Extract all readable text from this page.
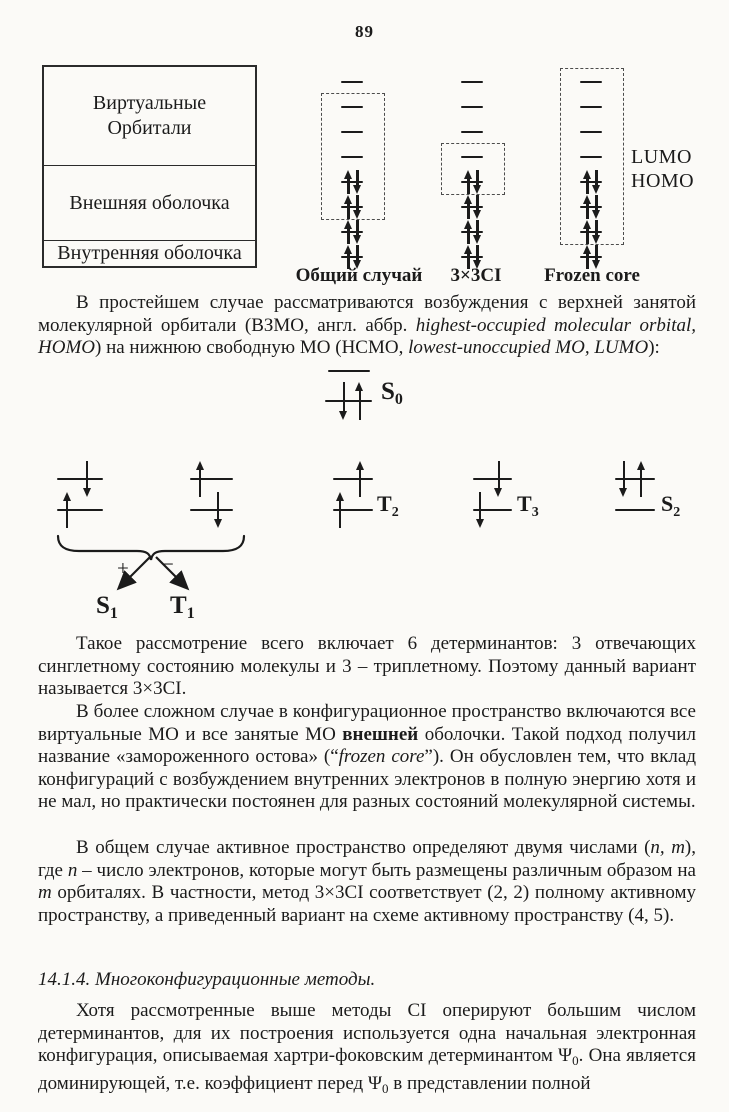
89
Виртуальные
Орбитали
Внешняя оболочка
Внутренняя оболочка
Общий случай 3×3CI Frozen core
LUMO
HOMO
В простейшем случае рассматриваются возбуждения с верхней занятой молекулярной орбитали (ВЗМО, англ. аббр. highest-occupied molecular orbital, HOMO) на нижнюю свободную МО (НСМО, lowest-unoccupied MO, LUMO):
+ −
$S_0$
$T_2$	$T_3$	$S_2$
$S_1$ $T_1$
Такое рассмотрение всего включает 6 детерминантов: 3 отвечающих синглетному состоянию молекулы и 3 – триплетному. Поэтому данный вариант называется 3×3CI.
В более сложном случае в конфигурационное пространство включаются все виртуальные МО и все занятые МО внешней оболочки. Такой подход получил название «замороженного остова» (“frozen core”). Он обусловлен тем, что вклад конфигураций с возбуждением внутренних электронов в полную энергию хотя и не мал, но практически постоянен для разных состояний молекулярной системы.
В общем случае активное пространство определяют двумя числами (n, m), где n – число электронов, которые могут быть размещены различным образом на m орбиталях. В частности, метод 3×3CI соответствует (2, 2) полному активному пространству, а приведенный вариант на схеме активному пространству (4, 5).
14.1.4. Многоконфигурационные методы.
Хотя рассмотренные выше методы CI оперируют большим числом детерминантов, для их построения используется одна начальная электронная конфигурация, описываемая хартри-фоковским детерминантом $\Psi_0$. Она является доминирующей, т.е. коэффициент перед $\Psi_0$ в представлении полной
